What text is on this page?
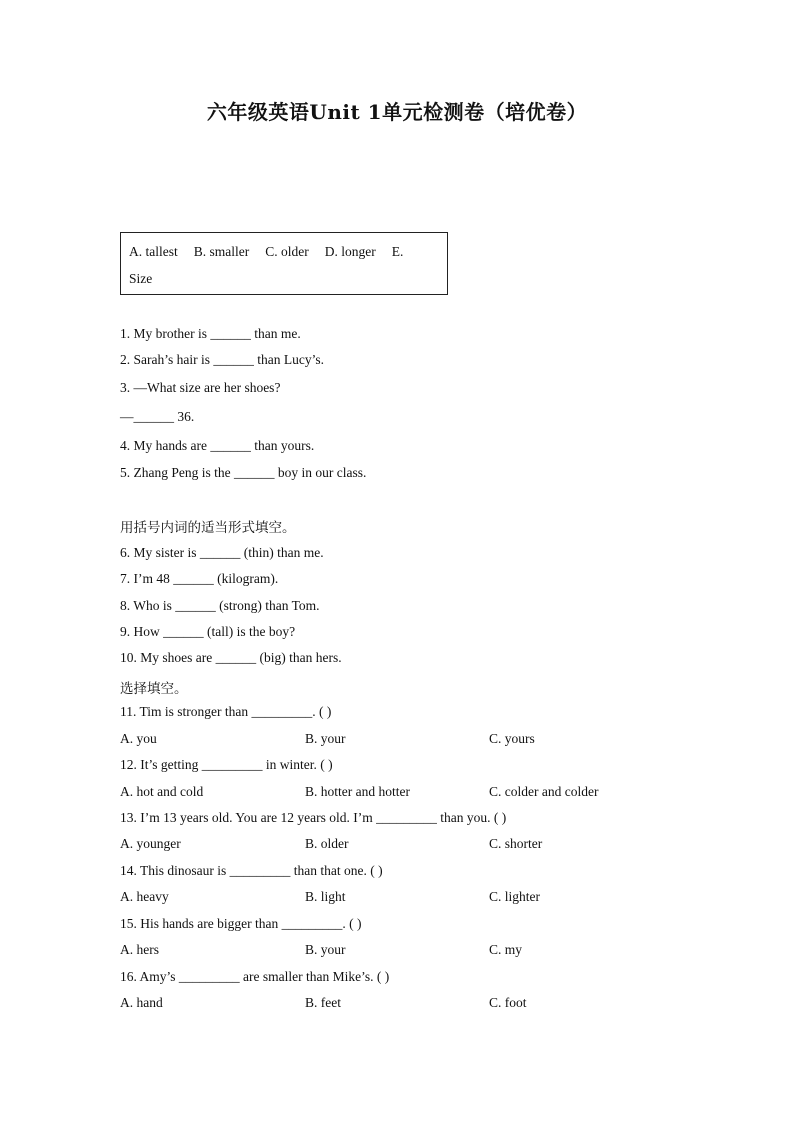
六年级英语Unit 1单元检测卷（培优卷）
A. tallest B. smaller C. older D. longer E.
Size
1. My brother is ______ than me.
2. Sarah’s hair is ______ than Lucy’s.
3. —What size are her shoes?
—______ 36.
4. My hands are ______ than yours.
5. Zhang Peng is the ______ boy in our class.
用括号内词的适当形式填空。
6. My sister is ______ (thin) than me.
7. I’m 48 ______ (kilogram).
8. Who is ______ (strong) than Tom.
9. How ______ (tall) is the boy?
10. My shoes are ______ (big) than hers.
选择填空。
11. Tim is stronger than _________. ( )
A. you	B. your	C. yours
12. It’s getting _________ in winter. ( )
A. hot and cold	B. hotter and hotter	C. colder and colder
13. I’m 13 years old. You are 12 years old. I’m _________ than you. ( )
A. younger	B. older	C. shorter
14. This dinosaur is _________ than that one. ( )
A. heavy	B. light	C. lighter
15. His hands are bigger than _________. ( )
A. hers	B. your	C. my
16. Amy’s _________ are smaller than Mike’s. ( )
A. hand	B. feet	C. foot
